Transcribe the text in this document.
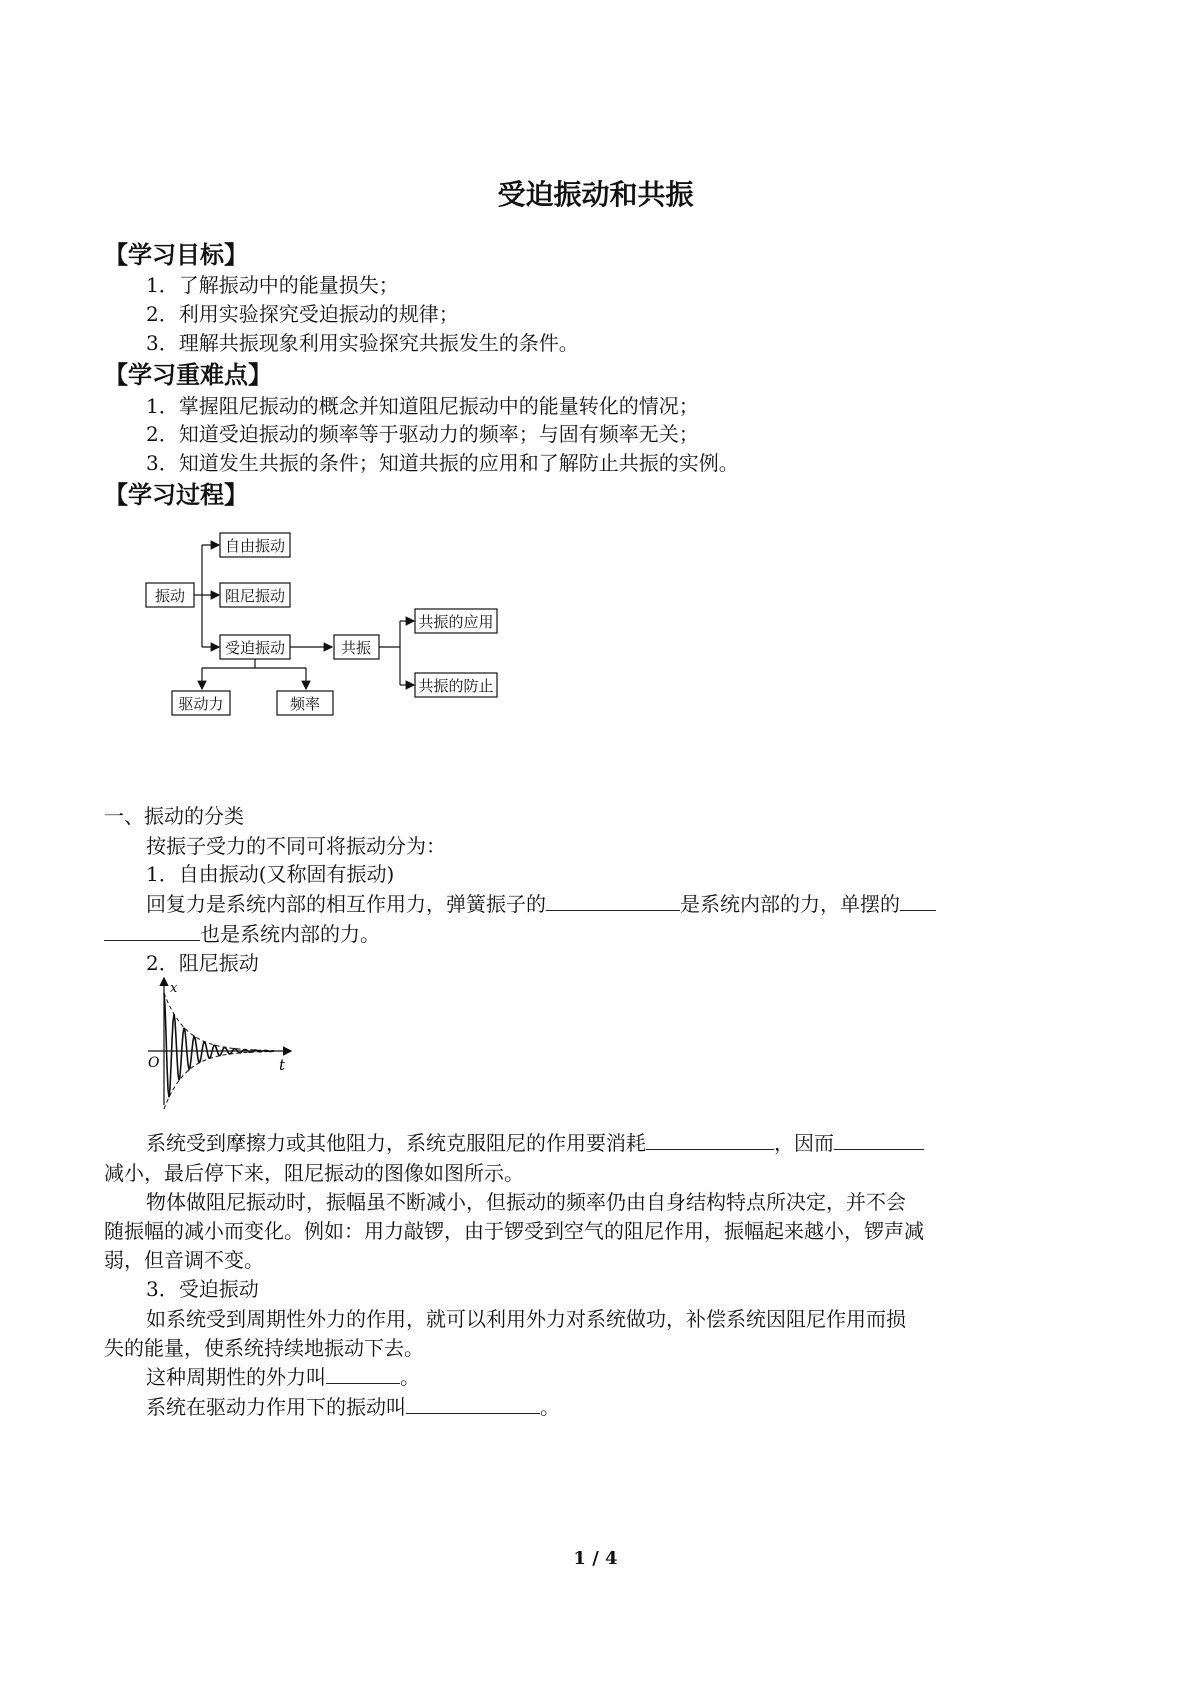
受迫振动和共振
【学习目标】
1．了解振动中的能量损失；
2．利用实验探究受迫振动的规律；
3．理解共振现象利用实验探究共振发生的条件。
【学习重难点】
1．掌握阻尼振动的概念并知道阻尼振动中的能量转化的情况；
2．知道受迫振动的频率等于驱动力的频率；与固有频率无关；
3．知道发生共振的条件；知道共振的应用和了解防止共振的实例。
【学习过程】
振动
自由振动
阻尼振动
受迫振动	共振
共振的应用
共振的防止
驱动力	频率
一、振动的分类
按振子受力的不同可将振动分为：
1．自由振动(又称固有振动)
回复力是系统内部的相互作用力，弹簧振子的	是系统内部的力，单摆的
也是系统内部的力。
2．阻尼振动
x
t
O
系统受到摩擦力或其他阻力，系统克服阻尼的作用要消耗	，因而
减小，最后停下来，阻尼振动的图像如图所示。
物体做阻尼振动时，振幅虽不断减小，但振动的频率仍由自身结构特点所决定，并不会
随振幅的减小而变化。例如：用力敲锣，由于锣受到空气的阻尼作用，振幅起来越小，锣声减
弱，但音调不变。
3．受迫振动
如系统受到周期性外力的作用，就可以利用外力对系统做功，补偿系统因阻尼作用而损
失的能量，使系统持续地振动下去。
这种周期性的外力叫	。
系统在驱动力作用下的振动叫	。
1 / 4
